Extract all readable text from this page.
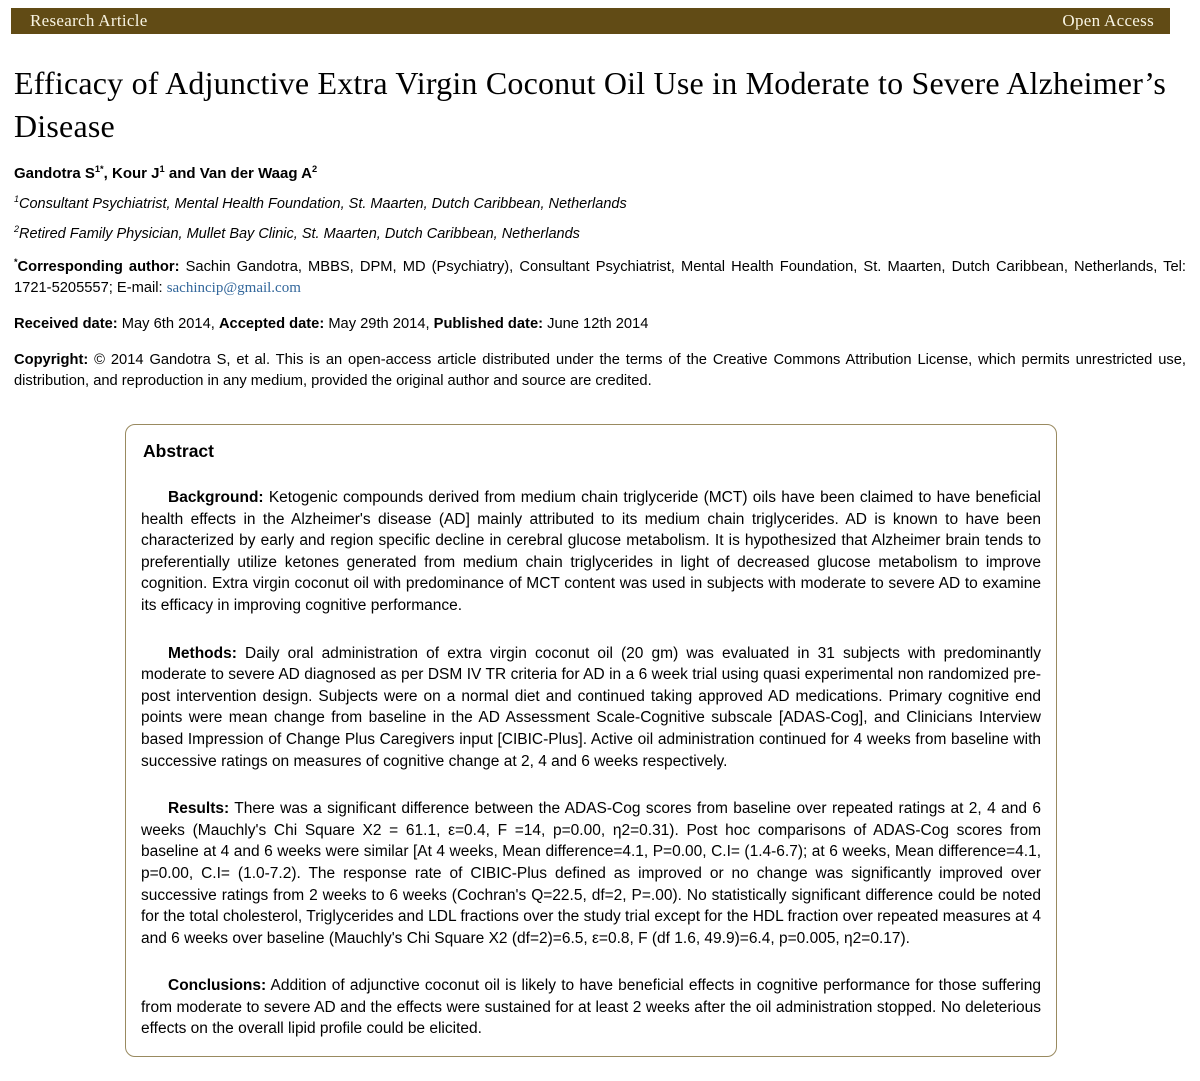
Research Article	Open Access
Efficacy of Adjunctive Extra Virgin Coconut Oil Use in Moderate to Severe Alzheimer’s Disease

Gandotra $S^{1*}$, Kour $J^1$ and Van der Waag $A^2$

$^1$Consultant Psychiatrist, Mental Health Foundation, St. Maarten, Dutch Caribbean, Netherlands

$^2$Retired Family Physician, Mullet Bay Clinic, St. Maarten, Dutch Caribbean, Netherlands

*Corresponding author: Sachin Gandotra, MBBS, DPM, MD (Psychiatry), Consultant Psychiatrist, Mental Health Foundation, St. Maarten, Dutch Caribbean, Netherlands, Tel: 1721-5205557; E-mail: sachincip@gmail.com

Received date: May 6th 2014, Accepted date: May 29th 2014, Published date: June 12th 2014

Copyright: © 2014 Gandotra S, et al. This is an open-access article distributed under the terms of the Creative Commons Attribution License, which permits unrestricted use, distribution, and reproduction in any medium, provided the original author and source are credited.

Abstract

Background: Ketogenic compounds derived from medium chain triglyceride (MCT) oils have been claimed to have beneficial health effects in the Alzheimer's disease (AD] mainly attributed to its medium chain triglycerides. AD is known to have been characterized by early and region specific decline in cerebral glucose metabolism. It is hypothesized that Alzheimer brain tends to preferentially utilize ketones generated from medium chain triglycerides in light of decreased glucose metabolism to improve cognition. Extra virgin coconut oil with predominance of MCT content was used in subjects with moderate to severe AD to examine its efficacy in improving cognitive performance.

Methods: Daily oral administration of extra virgin coconut oil (20 gm) was evaluated in 31 subjects with predominantly moderate to severe AD diagnosed as per DSM IV TR criteria for AD in a 6 week trial using quasi experimental non randomized pre-post intervention design. Subjects were on a normal diet and continued taking approved AD medications. Primary cognitive end points were mean change from baseline in the AD Assessment Scale-Cognitive subscale [ADAS-Cog], and Clinicians Interview based Impression of Change Plus Caregivers input [CIBIC-Plus]. Active oil administration continued for 4 weeks from baseline with successive ratings on measures of cognitive change at 2, 4 and 6 weeks respectively.

Results: There was a significant difference between the ADAS-Cog scores from baseline over repeated ratings at 2, 4 and 6 weeks (Mauchly's Chi Square X2 = 61.1, ε=0.4, F =14, p=0.00, η2=0.31). Post hoc comparisons of ADAS-Cog scores from baseline at 4 and 6 weeks were similar [At 4 weeks, Mean difference=4.1, P=0.00, C.I= (1.4-6.7); at 6 weeks, Mean difference=4.1, p=0.00, C.I= (1.0-7.2). The response rate of CIBIC-Plus defined as improved or no change was significantly improved over successive ratings from 2 weeks to 6 weeks (Cochran's Q=22.5, df=2, P=.00). No statistically significant difference could be noted for the total cholesterol, Triglycerides and LDL fractions over the study trial except for the HDL fraction over repeated measures at 4 and 6 weeks over baseline (Mauchly's Chi Square X2 (df=2)=6.5, ε=0.8, F (df 1.6, 49.9)=6.4, p=0.005, η2=0.17).

Conclusions: Addition of adjunctive coconut oil is likely to have beneficial effects in cognitive performance for those suffering from moderate to severe AD and the effects were sustained for at least 2 weeks after the oil administration stopped. No deleterious effects on the overall lipid profile could be elicited.
